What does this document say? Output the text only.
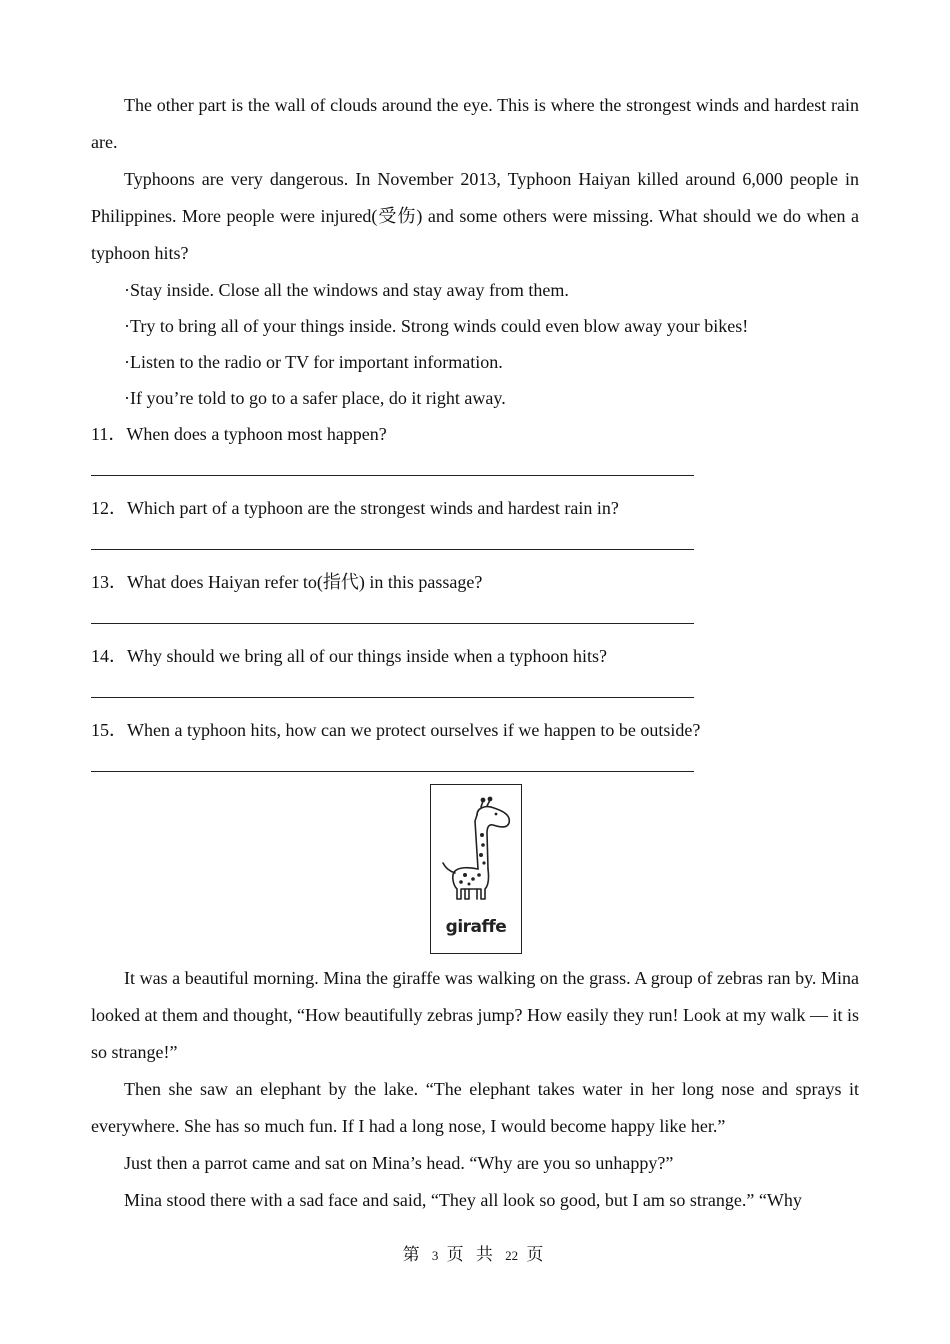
The other part is the wall of clouds around the eye. This is where the strongest winds and hardest rain are.

Typhoons are very dangerous. In November 2013, Typhoon Haiyan killed around 6,000 people in Philippines. More people were injured(受伤) and some others were missing. What should we do when a typhoon hits?

·Stay inside. Close all the windows and stay away from them.

·Try to bring all of your things inside. Strong winds could even blow away your bikes!

·Listen to the radio or TV for important information.

·If you’re told to go to a safer place, do it right away.

11．When does a typhoon most happen?

12．Which part of a typhoon are the strongest winds and hardest rain in?

13．What does Haiyan refer to(指代) in this passage?

14．Why should we bring all of our things inside when a typhoon hits?

15．When a typhoon hits, how can we protect ourselves if we happen to be outside?

giraffe

It was a beautiful morning. Mina the giraffe was walking on the grass. A group of zebras ran by. Mina looked at them and thought, “How beautifully zebras jump? How easily they run! Look at my walk — it is so strange!”

Then she saw an elephant by the lake. “The elephant takes water in her long nose and sprays it everywhere. She has so much fun. If I had a long nose, I would become happy like her.”

Just then a parrot came and sat on Mina’s head. “Why are you so unhappy?”

Mina stood there with a sad face and said, “They all look so good, but I am so strange.” “Why

第 3 页 共 22 页
